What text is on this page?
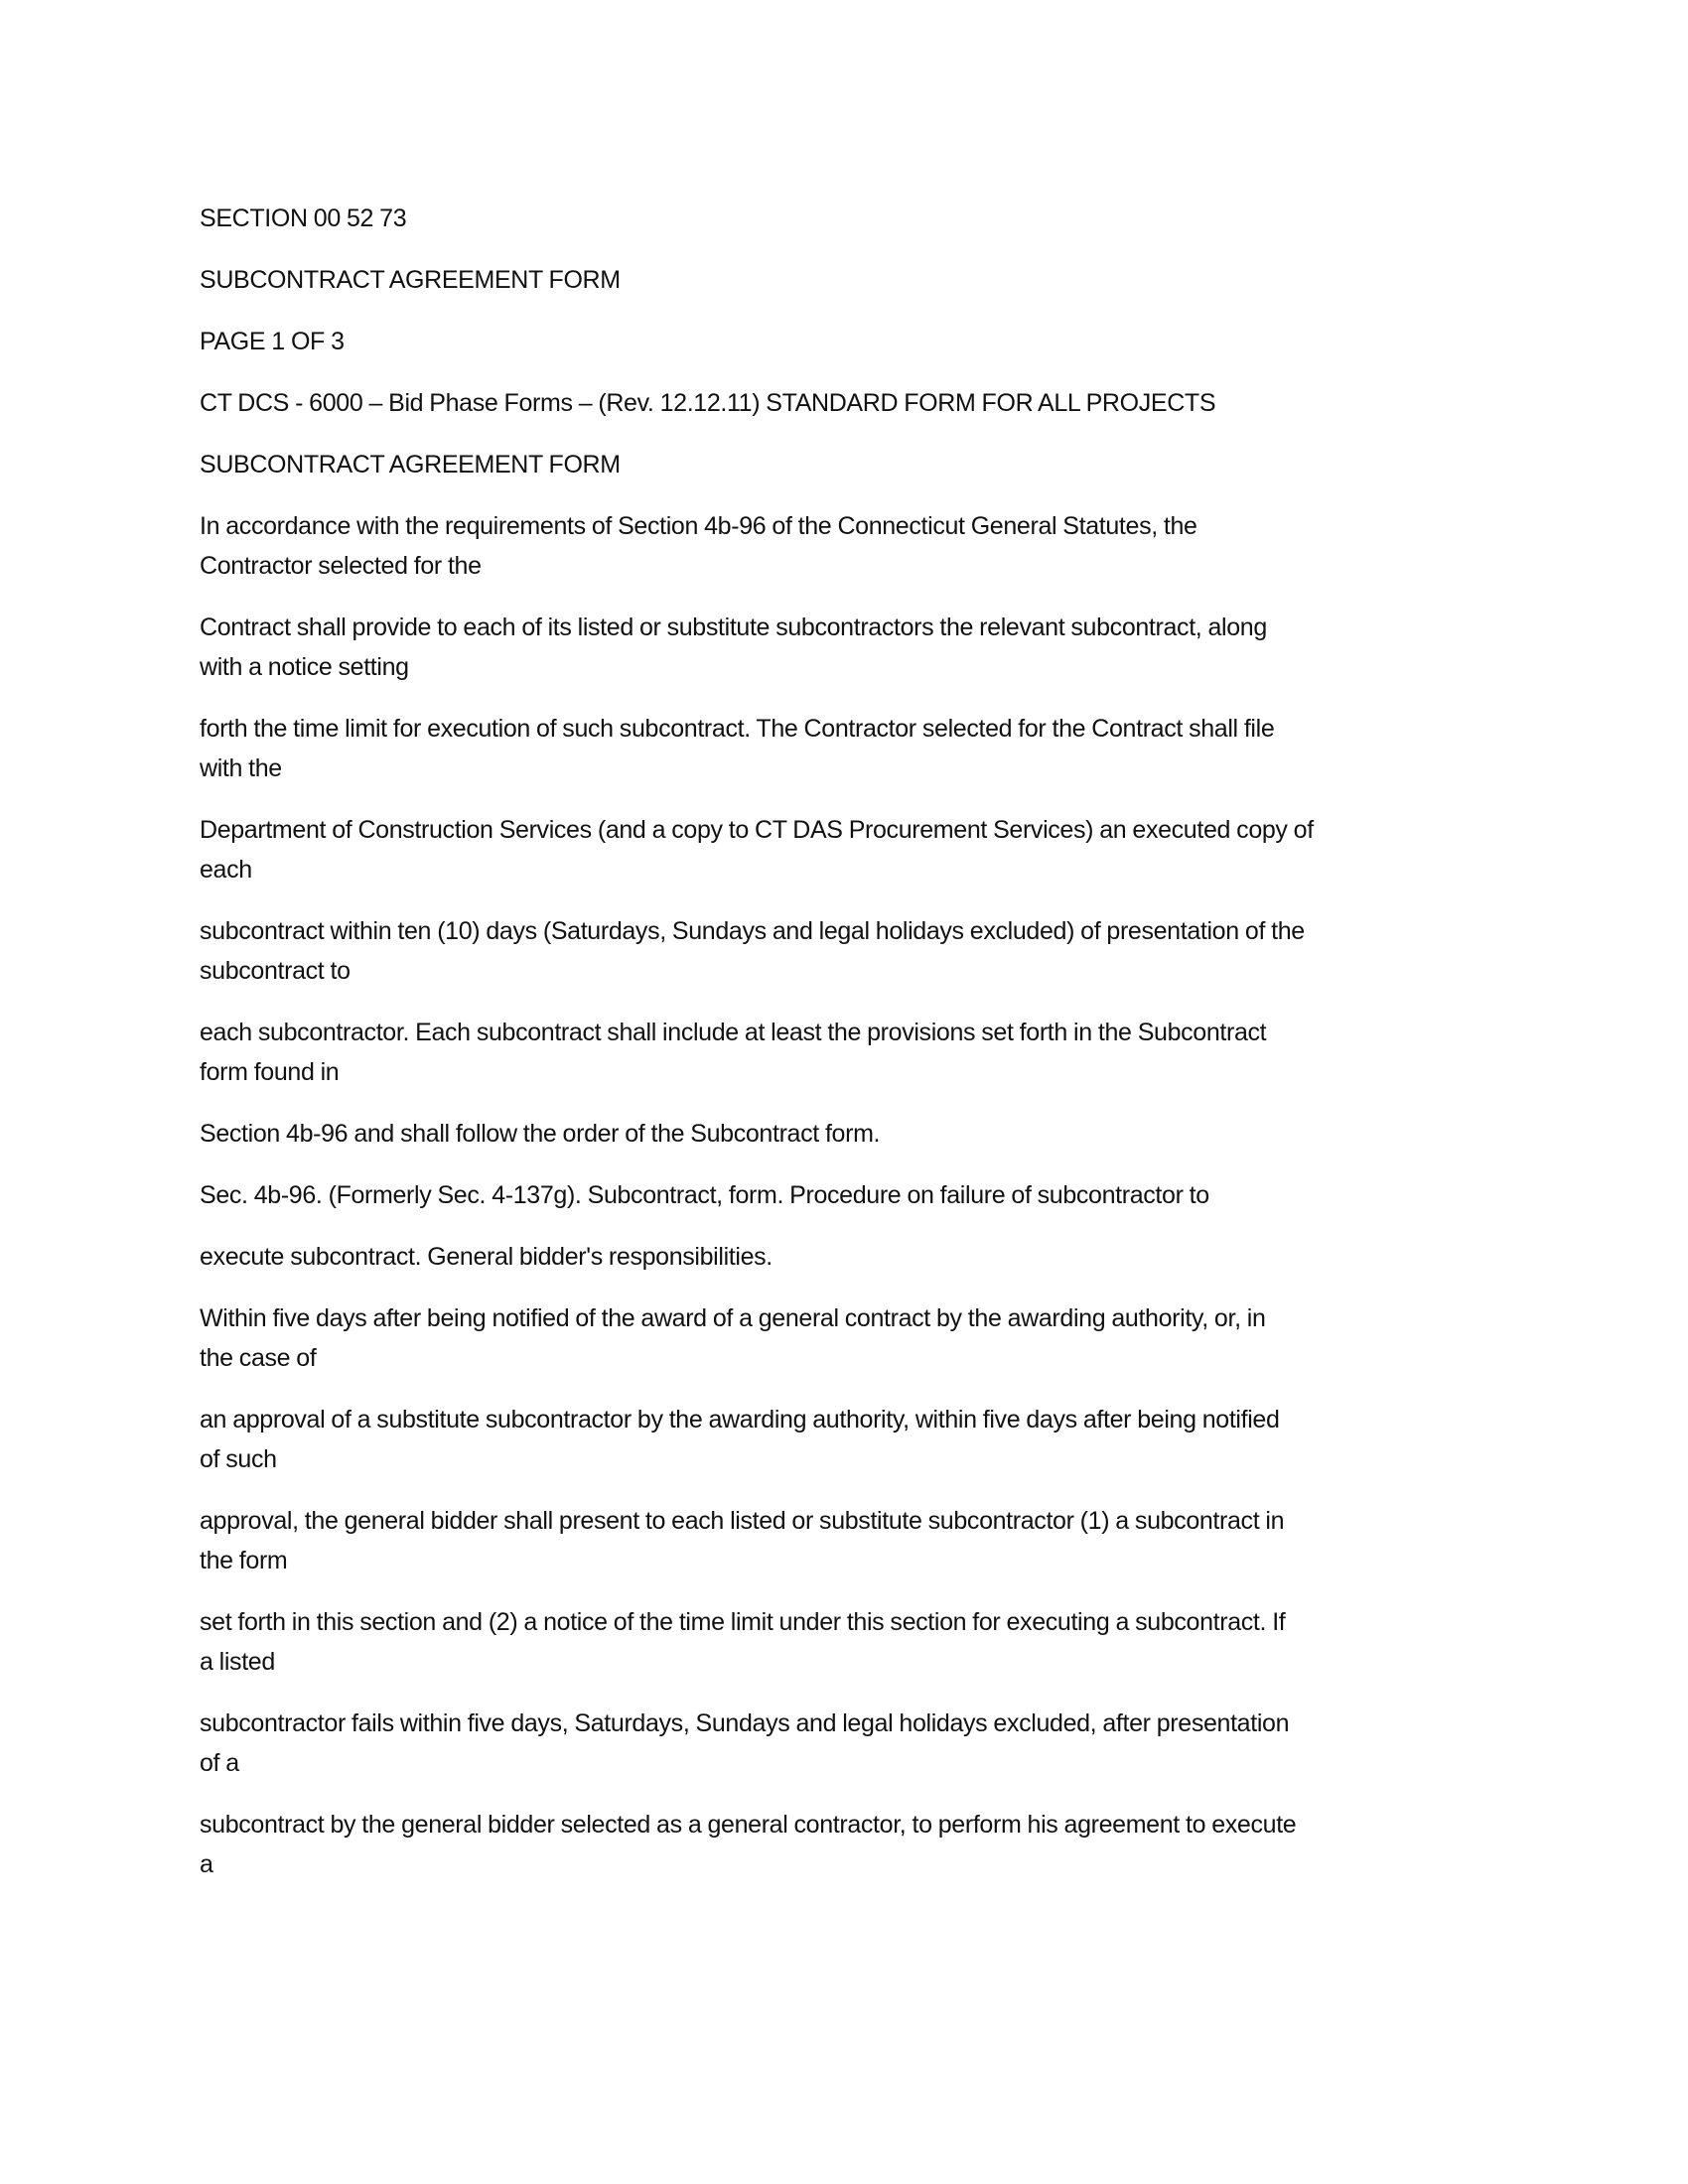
SECTION 00 52 73

SUBCONTRACT AGREEMENT FORM

PAGE 1 OF 3

CT DCS - 6000 – Bid Phase Forms – (Rev. 12.12.11) STANDARD FORM FOR ALL PROJECTS

SUBCONTRACT AGREEMENT FORM

In accordance with the requirements of Section 4b-96 of the Connecticut General Statutes, the
Contractor selected for the

Contract shall provide to each of its listed or substitute subcontractors the relevant subcontract, along
with a notice setting

forth the time limit for execution of such subcontract. The Contractor selected for the Contract shall file
with the

Department of Construction Services (and a copy to CT DAS Procurement Services) an executed copy of
each

subcontract within ten (10) days (Saturdays, Sundays and legal holidays excluded) of presentation of the
subcontract to

each subcontractor. Each subcontract shall include at least the provisions set forth in the Subcontract
form found in

Section 4b-96 and shall follow the order of the Subcontract form.

Sec. 4b-96. (Formerly Sec. 4-137g). Subcontract, form. Procedure on failure of subcontractor to

execute subcontract. General bidder's responsibilities.

Within five days after being notified of the award of a general contract by the awarding authority, or, in
the case of

an approval of a substitute subcontractor by the awarding authority, within five days after being notified
of such

approval, the general bidder shall present to each listed or substitute subcontractor (1) a subcontract in
the form

set forth in this section and (2) a notice of the time limit under this section for executing a subcontract. If
a listed

subcontractor fails within five days, Saturdays, Sundays and legal holidays excluded, after presentation
of a

subcontract by the general bidder selected as a general contractor, to perform his agreement to execute
a
